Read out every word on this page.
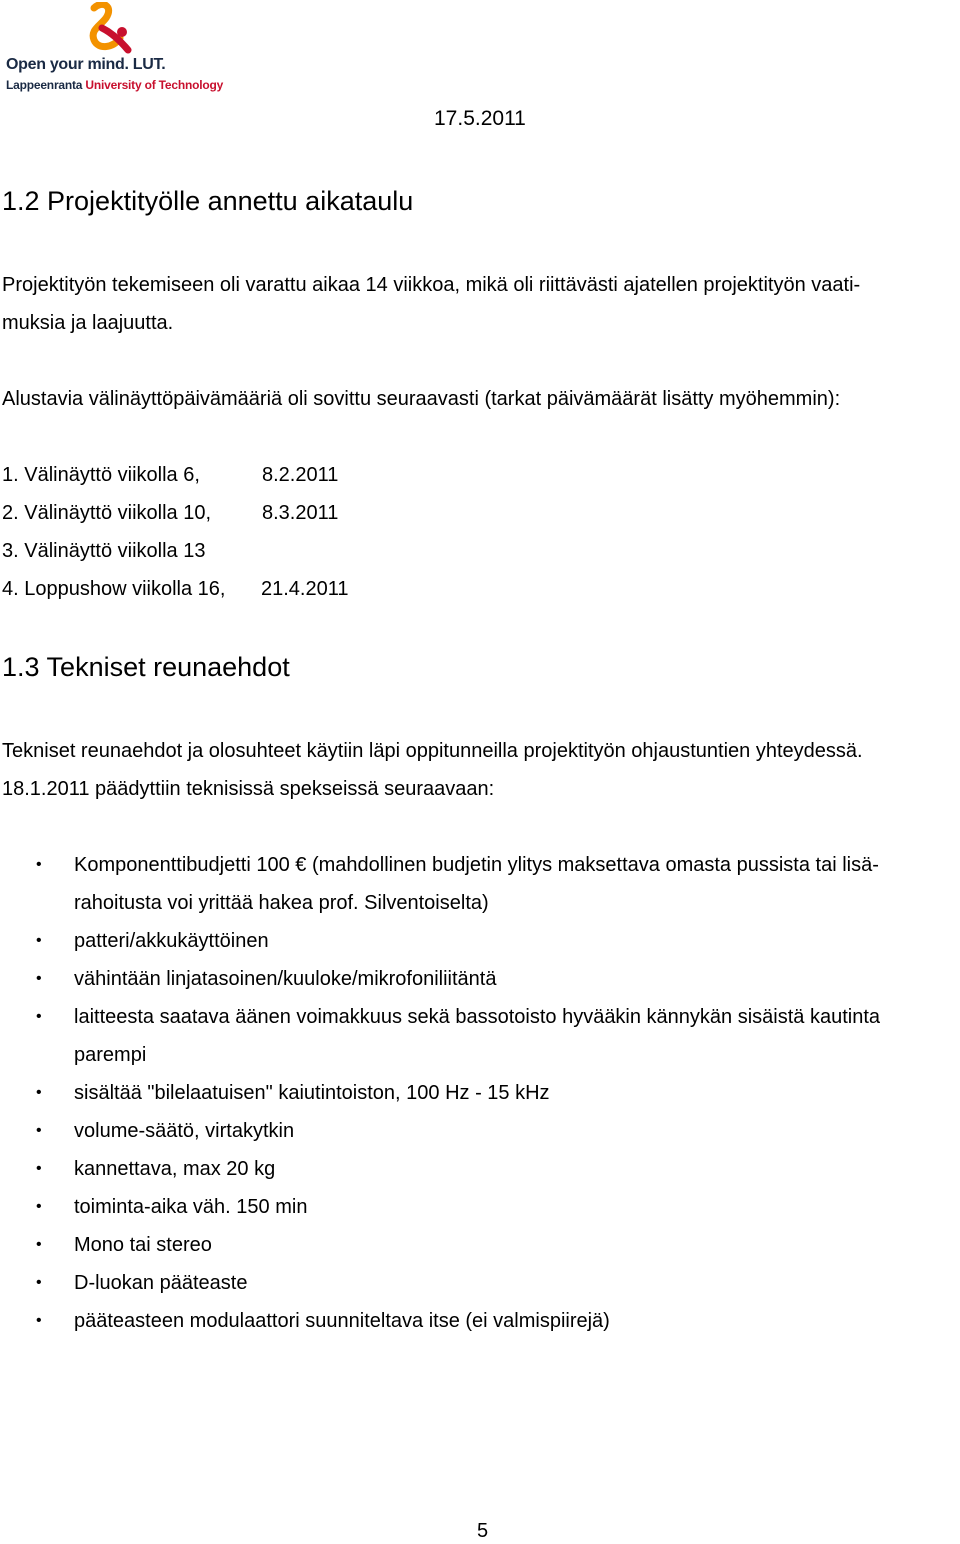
Open your mind. LUT.
Lappeenranta University of Technology
17.5.2011
1.2 Projektityölle annettu aikataulu

Projektityön tekemiseen oli varattu aikaa 14 viikkoa, mikä oli riittävästi ajatellen projektityön vaati-
muksia ja laajuutta.

Alustavia välinäyttöpäivämääriä oli sovittu seuraavasti (tarkat päivämäärät lisätty myöhemmin):

1. Välinäyttö viikolla 6,	8.2.2011
2. Välinäyttö viikolla 10,	8.3.2011
3. Välinäyttö viikolla 13
4. Loppushow viikolla 16, 21.4.2011
1.3 Tekniset reunaehdot

Tekniset reunaehdot ja olosuhteet käytiin läpi oppitunneilla projektityön ohjaustuntien yhteydessä.

18.1.2011 päädyttiin teknisissä spekseissä seuraavaan:

• Komponenttibudjetti 100 € (mahdollinen budjetin ylitys maksettava omasta pussista tai lisä-
rahoitusta voi yrittää hakea prof. Silventoiselta)
• patteri/akkukäyttöinen
• vähintään linjatasoinen/kuuloke/mikrofoniliitäntä
• laitteesta saatava äänen voimakkuus sekä bassotoisto hyvääkin kännykän sisäistä kautinta
parempi
• sisältää "bilelaatuisen" kaiutintoiston, 100 Hz - 15 kHz
• volume-säätö, virtakytkin
• kannettava, max 20 kg
• toiminta-aika väh. 150 min
• Mono tai stereo
• D-luokan pääteaste
• pääteasteen modulaattori suunniteltava itse (ei valmispiirejä)
5
